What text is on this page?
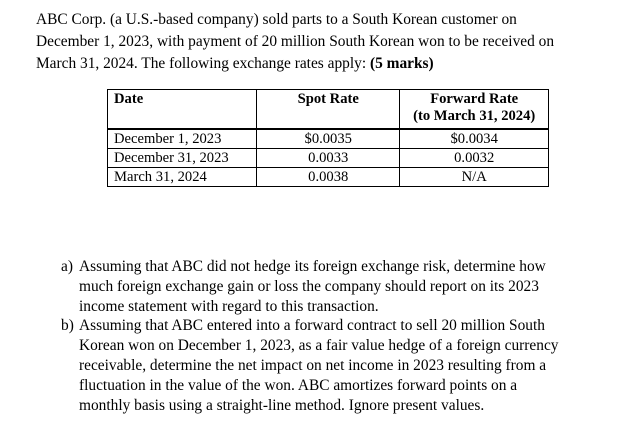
ABC Corp. (a U.S.-based company) sold parts to a South Korean customer on
December 1, 2023, with payment of 20 million South Korean won to be received on
March 31, 2024. The following exchange rates apply: (5 marks)
Date	Spot Rate	Forward Rate
(to March 31, 2024)

December 1, 2023	$0.0035	$0.0034
December 31, 2023	0.0033	0.0032
March 31, 2024	0.0038	N/A
a) Assuming that ABC did not hedge its foreign exchange risk, determine how
much foreign exchange gain or loss the company should report on its 2023
income statement with regard to this transaction.
b) Assuming that ABC entered into a forward contract to sell 20 million South
Korean won on December 1, 2023, as a fair value hedge of a foreign currency
receivable, determine the net impact on net income in 2023 resulting from a
fluctuation in the value of the won. ABC amortizes forward points on a
monthly basis using a straight-line method. Ignore present values.
